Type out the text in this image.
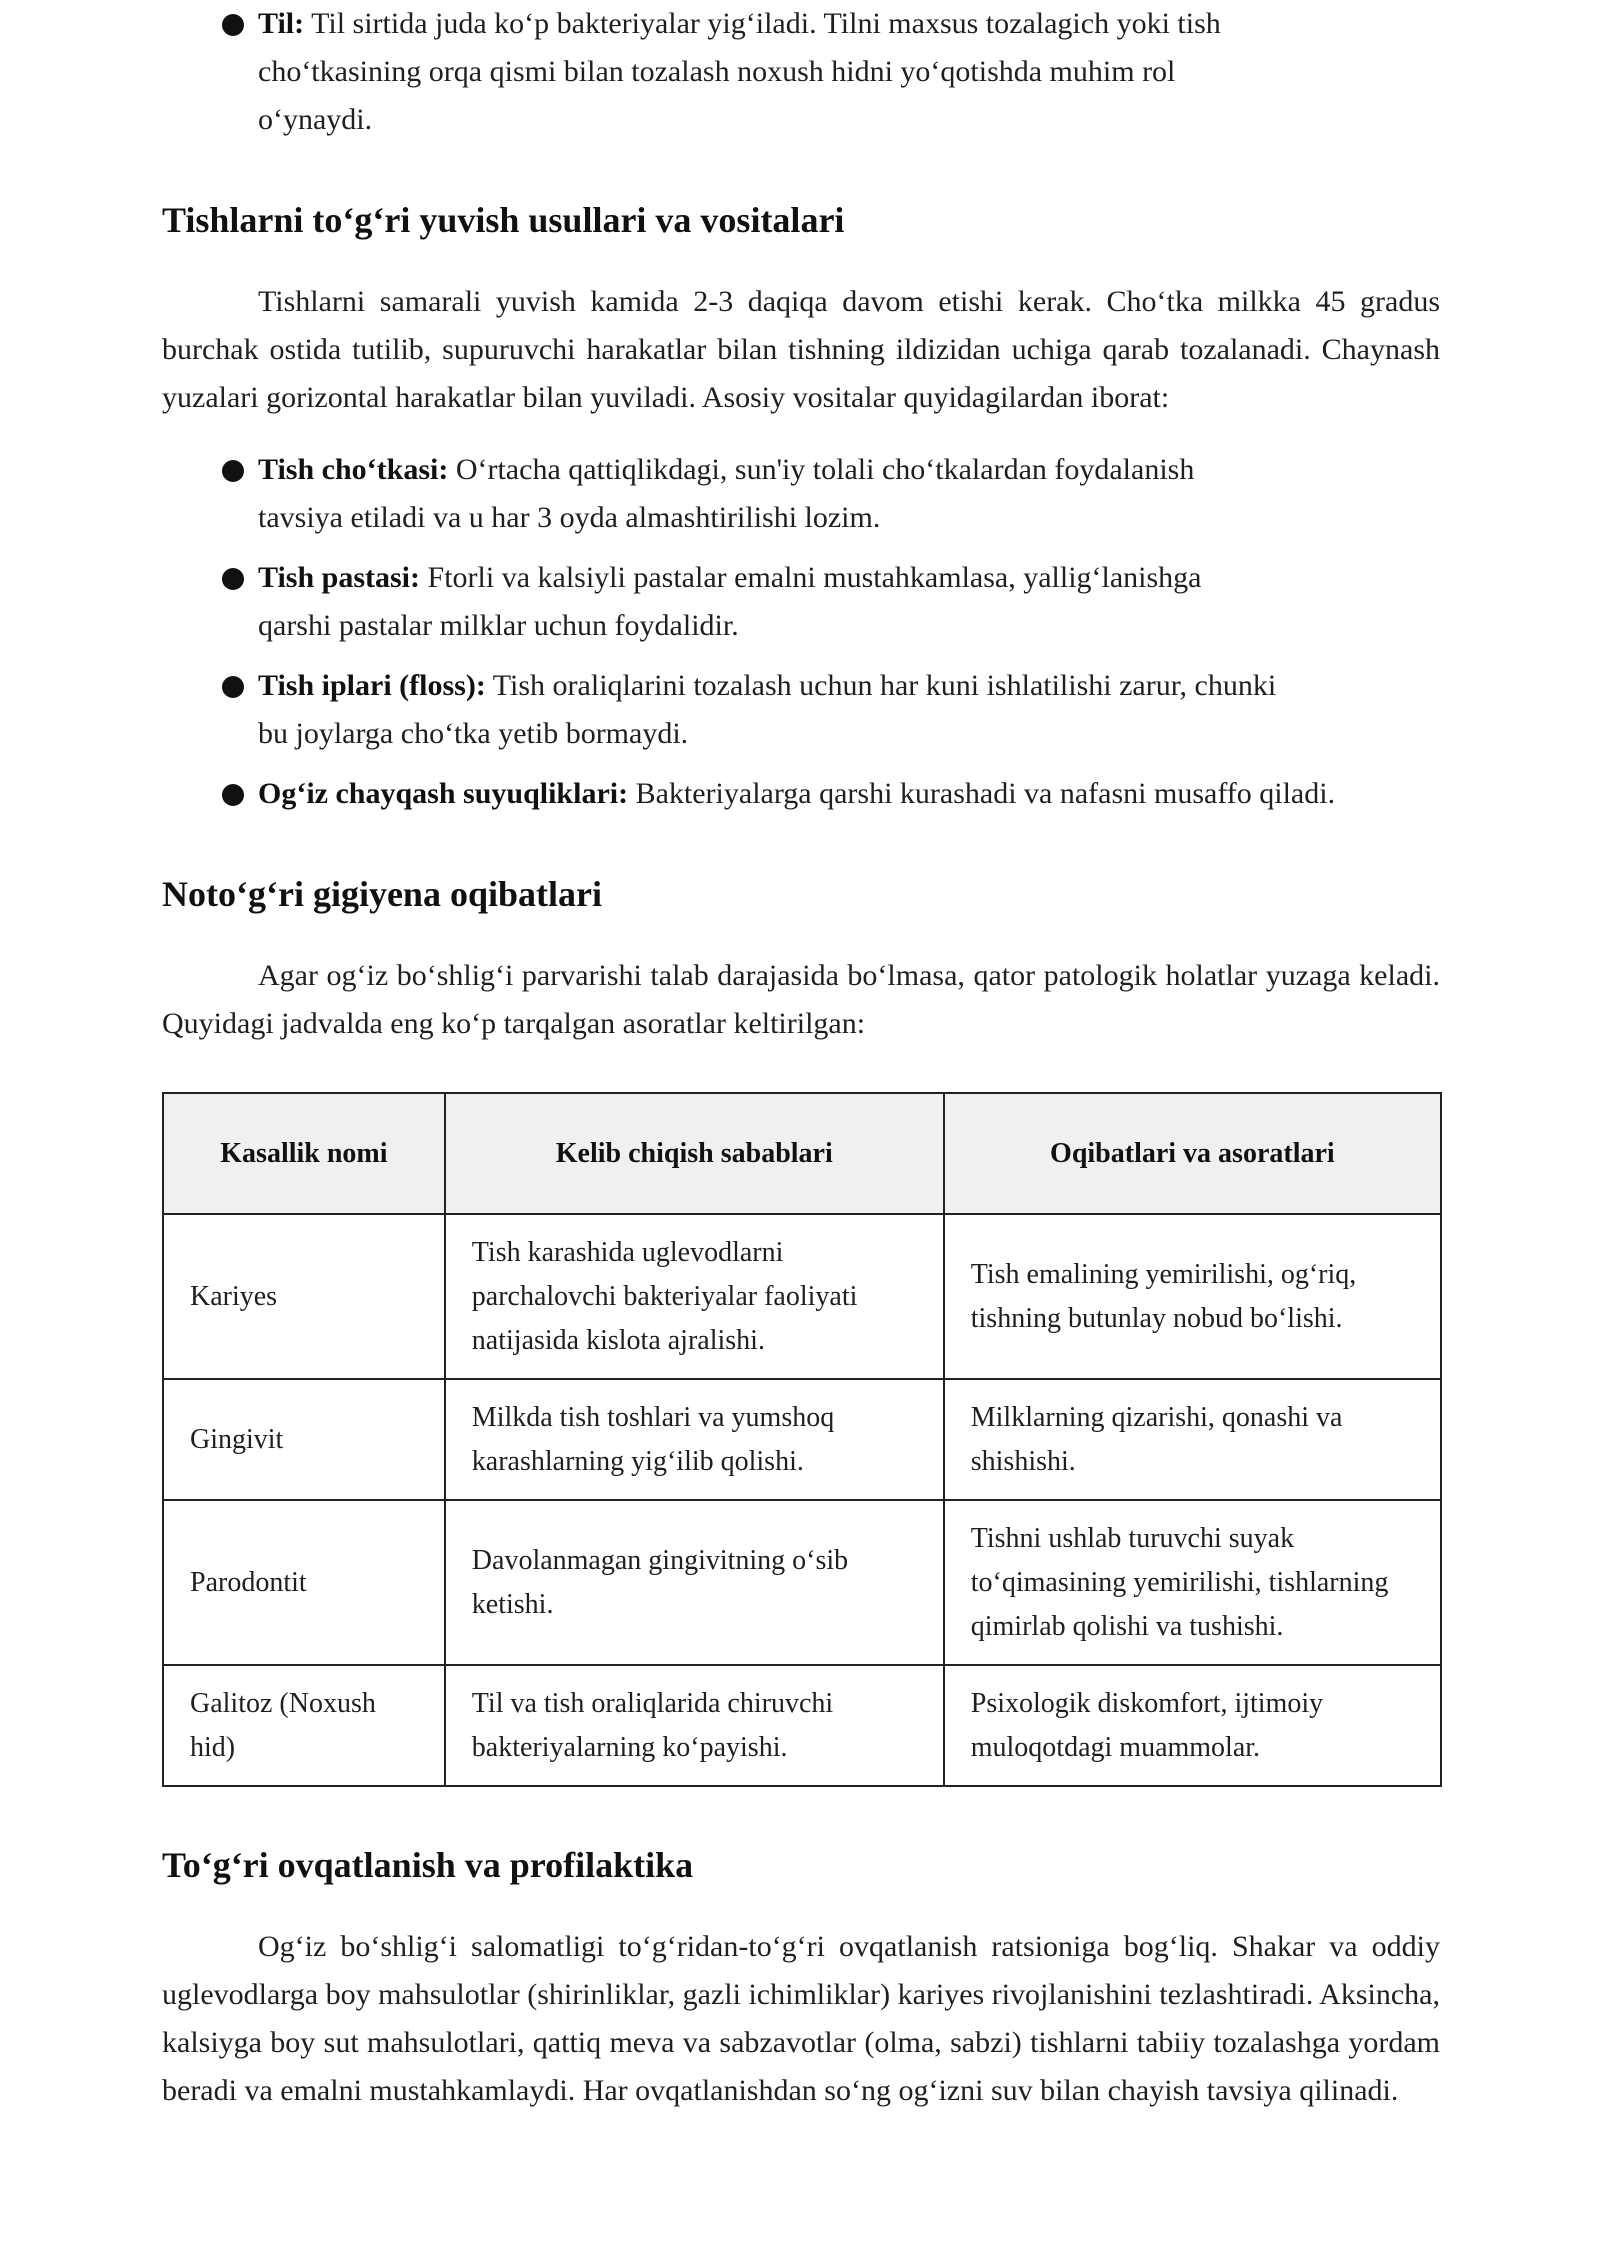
Til: Til sirtida juda ko‘p bakteriyalar yig‘iladi. Tilni maxsus tozalagich yoki tish
cho‘tkasining orqa qismi bilan tozalash noxush hidni yo‘qotishda muhim rol
o‘ynaydi.
Tishlarni to‘g‘ri yuvish usullari va vositalari

Tishlarni samarali yuvish kamida 2-3 daqiqa davom etishi kerak. Cho‘tka milkka 45 gradus burchak ostida tutilib, supuruvchi harakatlar bilan tishning ildizidan uchiga qarab tozalanadi. Chaynash yuzalari gorizontal harakatlar bilan yuviladi. Asosiy vositalar quyidagilardan iborat:

Tish cho‘tkasi: O‘rtacha qattiqlikdagi, sun'iy tolali cho‘tkalardan foydalanish
tavsiya etiladi va u har 3 oyda almashtirilishi lozim.
Tish pastasi: Ftorli va kalsiyli pastalar emalni mustahkamlasa, yallig‘lanishga
qarshi pastalar milklar uchun foydalidir.
Tish iplari (floss): Tish oraliqlarini tozalash uchun har kuni ishlatilishi zarur, chunki
bu joylarga cho‘tka yetib bormaydi.
Og‘iz chayqash suyuqliklari: Bakteriyalarga qarshi kurashadi va nafasni musaffo qiladi.
Noto‘g‘ri gigiyena oqibatlari

Agar og‘iz bo‘shlig‘i parvarishi talab darajasida bo‘lmasa, qator patologik holatlar yuzaga keladi. Quyidagi jadvalda eng ko‘p tarqalgan asoratlar keltirilgan:

Kasallik nomi	Kelib chiqish sabablari	Oqibatlari va asoratlari
Kariyes	Tish karashida uglevodlarni parchalovchi bakteriyalar faoliyati natijasida kislota ajralishi.	Tish emalining yemirilishi, og‘riq, tishning butunlay nobud bo‘lishi.
Gingivit	Milkda tish toshlari va yumshoq karashlarning yig‘ilib qolishi.	Milklarning qizarishi, qonashi va shishishi.
Parodontit	Davolanmagan gingivitning o‘sib ketishi.	Tishni ushlab turuvchi suyak to‘qimasining yemirilishi, tishlarning qimirlab qolishi va tushishi.
Galitoz (Noxush hid)	Til va tish oraliqlarida chiruvchi bakteriyalarning ko‘payishi.	Psixologik diskomfort, ijtimoiy muloqotdagi muammolar.
To‘g‘ri ovqatlanish va profilaktika

Og‘iz bo‘shlig‘i salomatligi to‘g‘ridan-to‘g‘ri ovqatlanish ratsioniga bog‘liq. Shakar va oddiy uglevodlarga boy mahsulotlar (shirinliklar, gazli ichimliklar) kariyes rivojlanishini tezlashtiradi. Aksincha, kalsiyga boy sut mahsulotlari, qattiq meva va sabzavotlar (olma, sabzi) tishlarni tabiiy tozalashga yordam beradi va emalni mustahkamlaydi. Har ovqatlanishdan so‘ng og‘izni suv bilan chayish tavsiya qilinadi.
